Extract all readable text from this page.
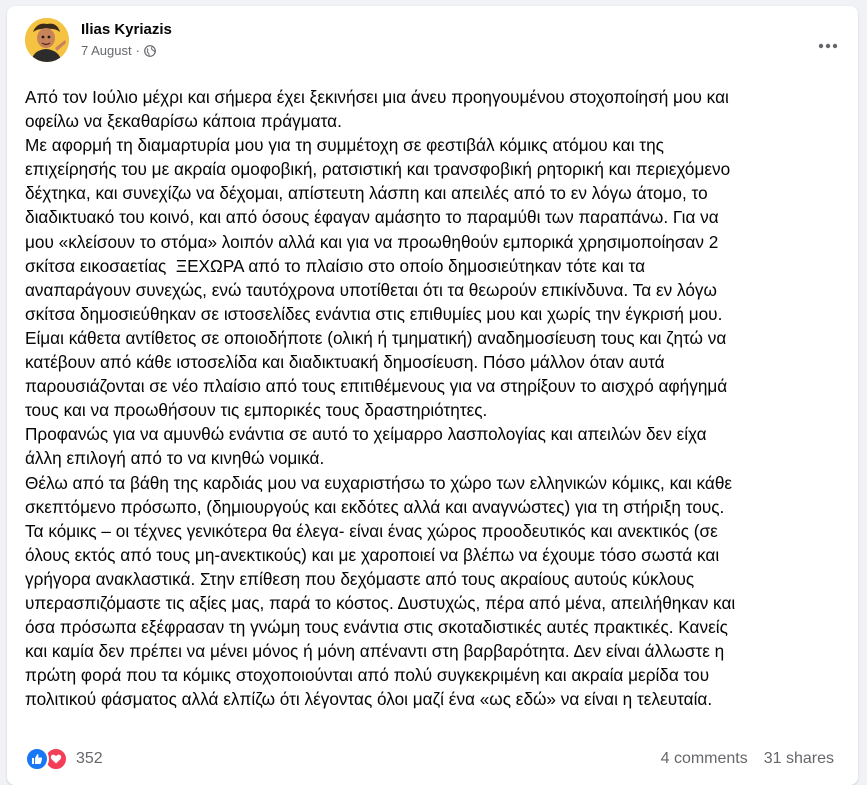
Ilias Kyriazis
7 August ·

Από τον Ιούλιο μέχρι και σήμερα έχει ξεκινήσει μια άνευ προηγουμένου στοχοποίησή μου και
οφείλω να ξεκαθαρίσω κάποια πράγματα.
Με αφορμή τη διαμαρτυρία μου για τη συμμέτοχη σε φεστιβάλ κόμικς ατόμου και της
επιχείρησής του με ακραία ομοφοβική, ρατσιστική και τρανσφοβική ρητορική και περιεχόμενο
δέχτηκα, και συνεχίζω να δέχομαι, απίστευτη λάσπη και απειλές από το εν λόγω άτομο, το
διαδικτυακό του κοινό, και από όσους έφαγαν αμάσητο το παραμύθι των παραπάνω. Για να
μου «κλείσουν το στόμα» λοιπόν αλλά και για να προωθηθούν εμπορικά χρησιμοποίησαν 2
σκίτσα εικοσαετίας  ΞΕΧΩΡΑ από το πλαίσιο στο οποίο δημοσιεύτηκαν τότε και τα
αναπαράγουν συνεχώς, ενώ ταυτόχρονα υποτίθεται ότι τα θεωρούν επικίνδυνα. Τα εν λόγω
σκίτσα δημοσιεύθηκαν σε ιστοσελίδες ενάντια στις επιθυμίες μου και χωρίς την έγκρισή μου.
Είμαι κάθετα αντίθετος σε οποιοδήποτε (ολική ή τμηματική) αναδημοσίευση τους και ζητώ να
κατέβουν από κάθε ιστοσελίδα και διαδικτυακή δημοσίευση. Πόσο μάλλον όταν αυτά
παρουσιάζονται σε νέο πλαίσιο από τους επιτιθέμενους για να στηρίξουν το αισχρό αφήγημά
τους και να προωθήσουν τις εμπορικές τους δραστηριότητες.
Προφανώς για να αμυνθώ ενάντια σε αυτό το χείμαρρο λασπολογίας και απειλών δεν είχα
άλλη επιλογή από το να κινηθώ νομικά.
Θέλω από τα βάθη της καρδιάς μου να ευχαριστήσω το χώρο των ελληνικών κόμικς, και κάθε
σκεπτόμενο πρόσωπο, (δημιουργούς και εκδότες αλλά και αναγνώστες) για τη στήριξη τους.
Τα κόμικς – οι τέχνες γενικότερα θα έλεγα- είναι ένας χώρος προοδευτικός και ανεκτικός (σε
όλους εκτός από τους μη-ανεκτικούς) και με χαροποιεί να βλέπω να έχουμε τόσο σωστά και
γρήγορα ανακλαστικά. Στην επίθεση που δεχόμαστε από τους ακραίους αυτούς κύκλους
υπερασπιζόμαστε τις αξίες μας, παρά το κόστος. Δυστυχώς, πέρα από μένα, απειλήθηκαν και
όσα πρόσωπα εξέφρασαν τη γνώμη τους ενάντια στις σκοταδιστικές αυτές πρακτικές. Κανείς
και καμία δεν πρέπει να μένει μόνος ή μόνη απέναντι στη βαρβαρότητα. Δεν είναι άλλωστε η
πρώτη φορά που τα κόμικς στοχοποιούνται από πολύ συγκεκριμένη και ακραία μερίδα του
πολιτικού φάσματος αλλά ελπίζω ότι λέγοντας όλοι μαζί ένα «ως εδώ» να είναι η τελευταία.

352	4 comments 31 shares
